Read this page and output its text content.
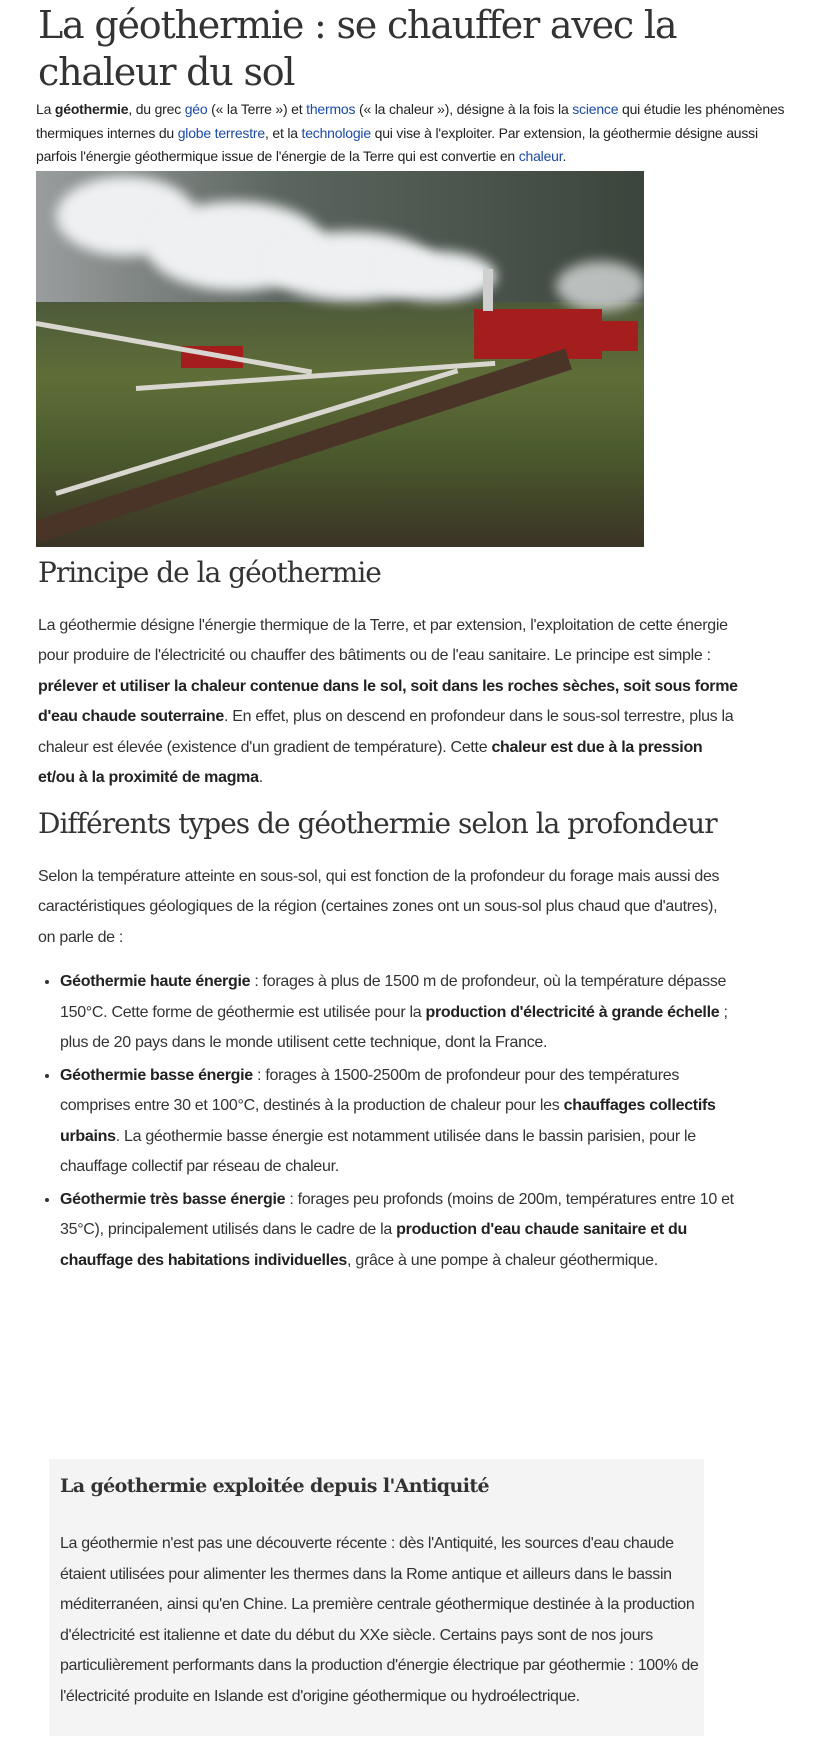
La géothermie : se chauffer avec la chaleur du sol

La géothermie, du grec géo (« la Terre ») et thermos (« la chaleur »), désigne à la fois la science qui étudie les phénomènes thermiques internes du globe terrestre, et la technologie qui vise à l'exploiter. Par extension, la géothermie désigne aussi parfois l'énergie géothermique issue de l'énergie de la Terre qui est convertie en chaleur.

Principe de la géothermie

La géothermie désigne l'énergie thermique de la Terre, et par extension, l'exploitation de cette énergie pour produire de l'électricité ou chauffer des bâtiments ou de l'eau sanitaire. Le principe est simple : prélever et utiliser la chaleur contenue dans le sol, soit dans les roches sèches, soit sous forme d'eau chaude souterraine. En effet, plus on descend en profondeur dans le sous-sol terrestre, plus la chaleur est élevée (existence d'un gradient de température). Cette chaleur est due à la pression et/ou à la proximité de magma.

Différents types de géothermie selon la profondeur

Selon la température atteinte en sous-sol, qui est fonction de la profondeur du forage mais aussi des caractéristiques géologiques de la région (certaines zones ont un sous-sol plus chaud que d'autres), on parle de :

• Géothermie haute énergie : forages à plus de 1500 m de profondeur, où la température dépasse 150°C. Cette forme de géothermie est utilisée pour la production d'électricité à grande échelle ; plus de 20 pays dans le monde utilisent cette technique, dont la France.
• Géothermie basse énergie : forages à 1500-2500m de profondeur pour des températures comprises entre 30 et 100°C, destinés à la production de chaleur pour les chauffages collectifs urbains. La géothermie basse énergie est notamment utilisée dans le bassin parisien, pour le chauffage collectif par réseau de chaleur.
• Géothermie très basse énergie : forages peu profonds (moins de 200m, températures entre 10 et 35°C), principalement utilisés dans le cadre de la production d'eau chaude sanitaire et du chauffage des habitations individuelles, grâce à une pompe à chaleur géothermique.
La géothermie exploitée depuis l'Antiquité

La géothermie n'est pas une découverte récente : dès l'Antiquité, les sources d'eau chaude étaient utilisées pour alimenter les thermes dans la Rome antique et ailleurs dans le bassin méditerranéen, ainsi qu'en Chine. La première centrale géothermique destinée à la production d'électricité est italienne et date du début du XXe siècle. Certains pays sont de nos jours particulièrement performants dans la production d'énergie électrique par géothermie : 100% de l'électricité produite en Islande est d'origine géothermique ou hydroélectrique.
